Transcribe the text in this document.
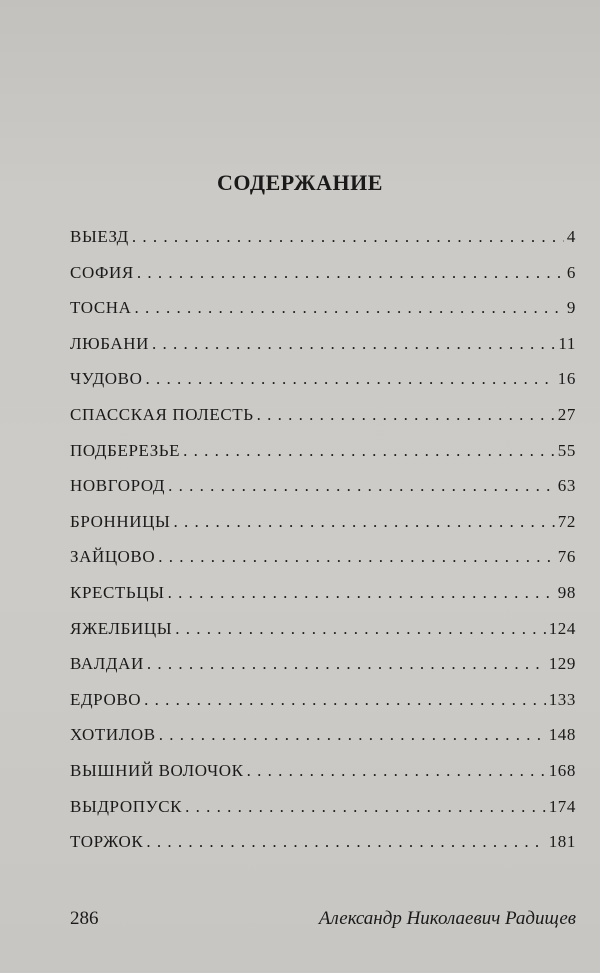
СОДЕРЖАНИЕ
ВЫЕЗД . . .	4
СОФИЯ . . .	6
ТОСНА . . .	9
ЛЮБАНИ . . .	11
ЧУДОВО . . .	16
СПАССКАЯ ПОЛЕСТЬ . . .	27
ПОДБЕРЕЗЬЕ . . .	55
НОВГОРОД . . .	63
БРОННИЦЫ . . .	72
ЗАЙЦОВО . . .	76
КРЕСТЬЦЫ . . .	98
ЯЖЕЛБИЦЫ . . .	124
ВАЛДАИ . . .	129
ЕДРОВО . . .	133
ХОТИЛОВ . . .	148
ВЫШНИЙ ВОЛОЧОК . . .	168
ВЫДРОПУСК . . .	174
ТОРЖОК . . .	181
286	Александр Николаевич Радищев
